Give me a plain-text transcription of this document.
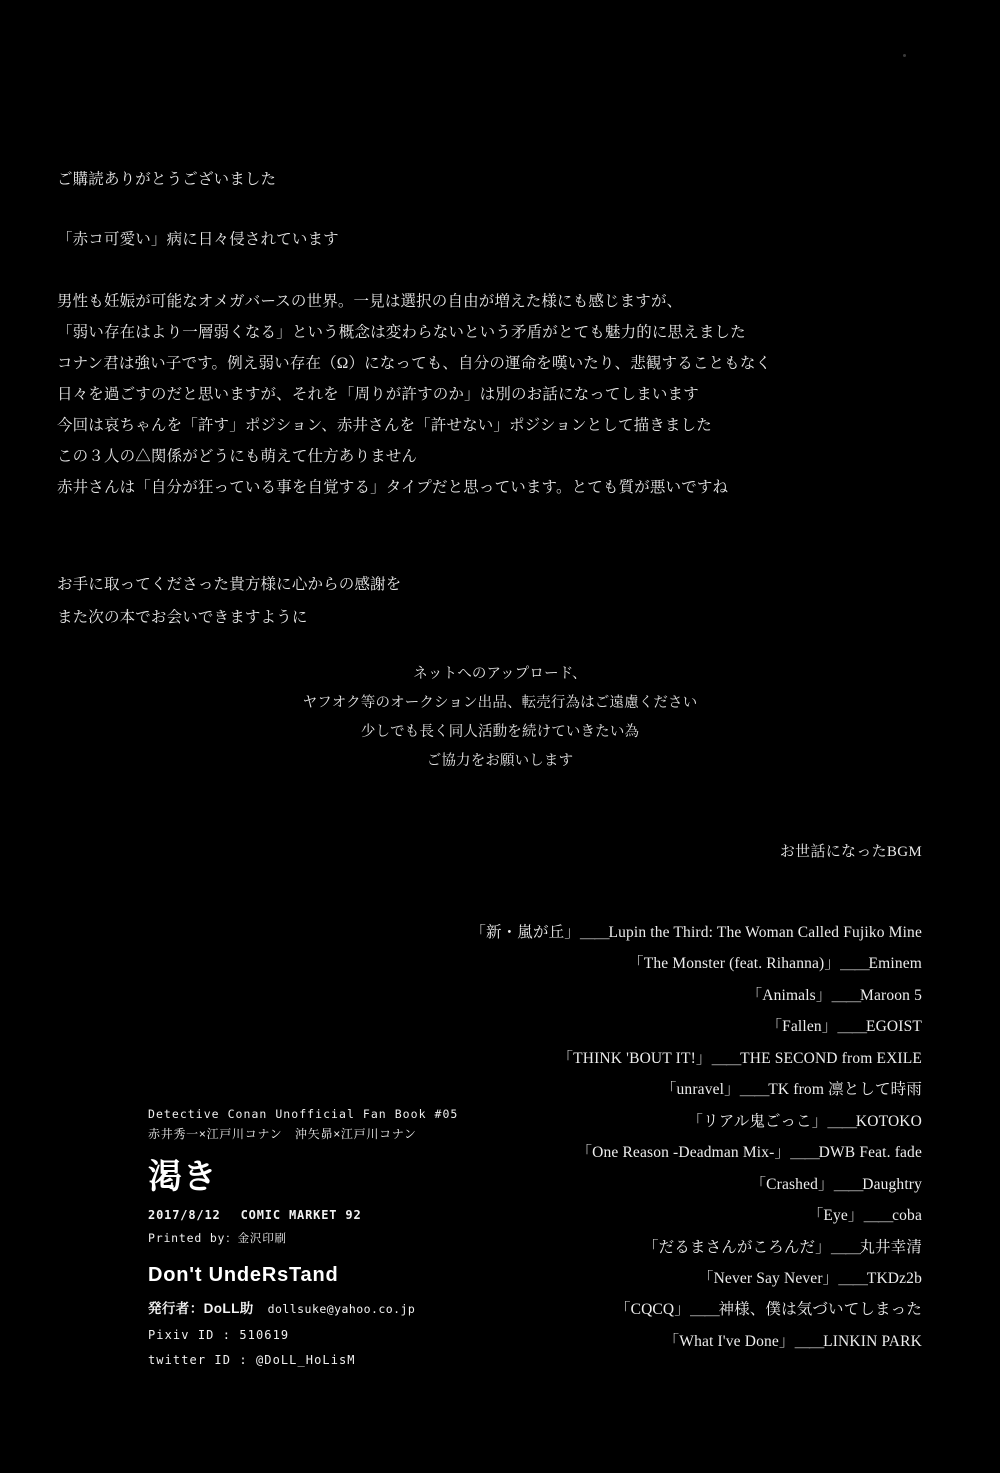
ご購読ありがとうございました
「赤コ可愛い」病に日々侵されています
男性も妊娠が可能なオメガバースの世界。一見は選択の自由が増えた様にも感じますが、
「弱い存在はより一層弱くなる」という概念は変わらないという矛盾がとても魅力的に思えました
コナン君は強い子です。例え弱い存在（Ω）になっても、自分の運命を嘆いたり、悲観することもなく
日々を過ごすのだと思いますが、それを「周りが許すのか」は別のお話になってしまいます
今回は哀ちゃんを「許す」ポジション、赤井さんを「許せない」ポジションとして描きました
この３人の△関係がどうにも萌えて仕方ありません
赤井さんは「自分が狂っている事を自覚する」タイプだと思っています。とても質が悪いですね
お手に取ってくださった貴方様に心からの感謝を
また次の本でお会いできますように
ネットへのアップロード、
ヤフオク等のオークション出品、転売行為はご遠慮ください
少しでも長く同人活動を続けていきたい為
ご協力をお願いします
お世話になったBGM
「新・嵐が丘」＿＿Lupin the Third: The Woman Called Fujiko Mine
「The Monster (feat. Rihanna)」＿＿Eminem
「Animals」＿＿Maroon 5
「Fallen」＿＿EGOIST
「THINK 'BOUT IT!」＿＿THE SECOND from EXILE
「unravel」＿＿TK from 凛として時雨
「リアル鬼ごっこ」＿＿KOTOKO
「One Reason -Deadman Mix-」＿＿DWB Feat. fade
「Crashed」＿＿Daughtry
「Eye」＿＿coba
「だるまさんがころんだ」＿＿丸井幸清
「Never Say Never」＿＿TKDz2b
「CQCQ」＿＿神様、僕は気づいてしまった
「What I've Done」＿＿LINKIN PARK
Detective Conan Unofficial Fan Book #05
赤井秀一×江戸川コナン　沖矢昴×江戸川コナン
渇き
2017/8/12 COMIC MARKET 92
Printed by：金沢印刷
Don't UndeRsTand
発行者：DoLL助 dollsuke@yahoo.co.jp
Pixiv ID : 510619
twitter ID : @DoLL_HoLisM
